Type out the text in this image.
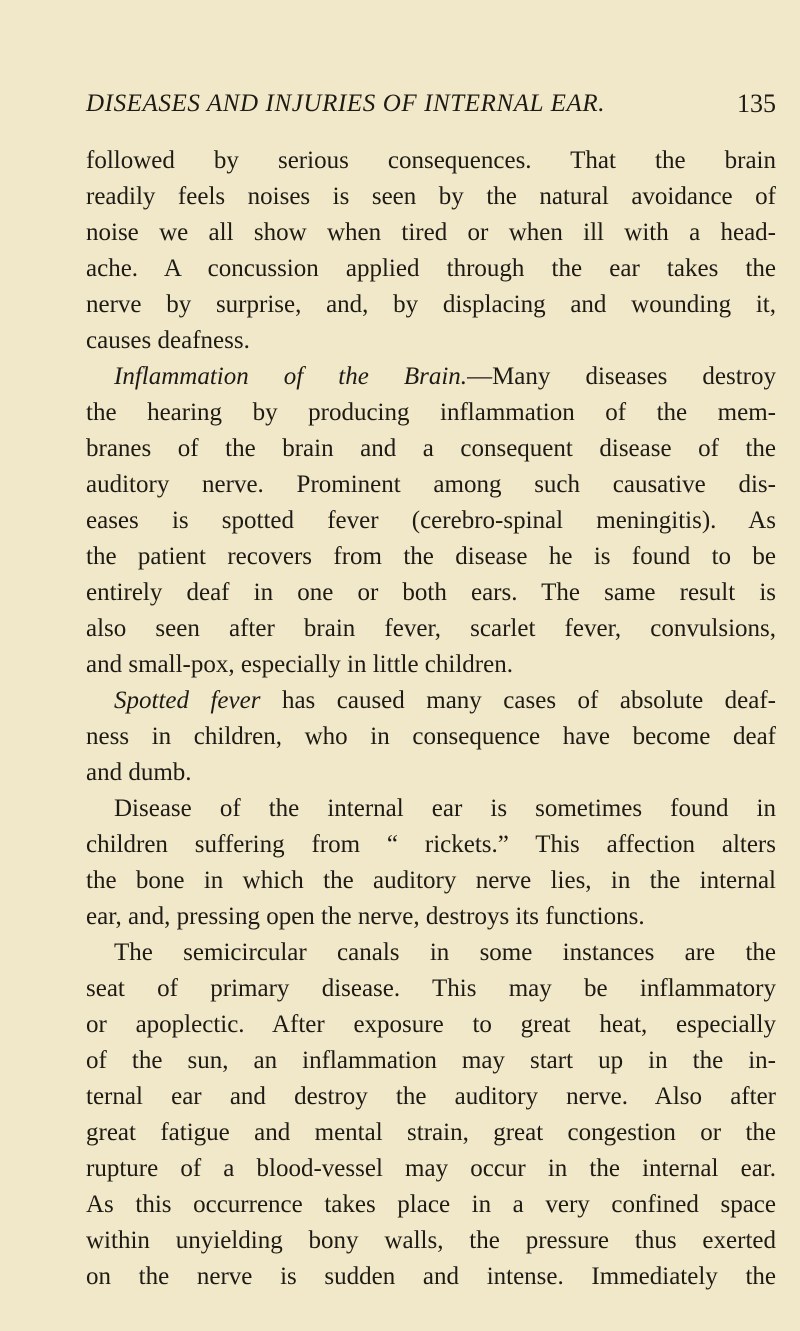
DISEASES AND INJURIES OF INTERNAL EAR.	135
followed by serious consequences. That the brain
readily feels noises is seen by the natural avoidance of
noise we all show when tired or when ill with a head-
ache. A concussion applied through the ear takes the
nerve by surprise, and, by displacing and wounding it,
causes deafness.
Inflammation of the Brain.—Many diseases destroy
the hearing by producing inflammation of the mem-
branes of the brain and a consequent disease of the
auditory nerve. Prominent among such causative dis-
eases is spotted fever (cerebro-spinal meningitis). As
the patient recovers from the disease he is found to be
entirely deaf in one or both ears. The same result is
also seen after brain fever, scarlet fever, convulsions,
and small-pox, especially in little children.
Spotted fever has caused many cases of absolute deaf-
ness in children, who in consequence have become deaf
and dumb.
Disease of the internal ear is sometimes found in
children suffering from “ rickets.” This affection alters
the bone in which the auditory nerve lies, in the internal
ear, and, pressing open the nerve, destroys its functions.
The semicircular canals in some instances are the
seat of primary disease. This may be inflammatory
or apoplectic. After exposure to great heat, especially
of the sun, an inflammation may start up in the in-
ternal ear and destroy the auditory nerve. Also after
great fatigue and mental strain, great congestion or the
rupture of a blood-vessel may occur in the internal ear.
As this occurrence takes place in a very confined space
within unyielding bony walls, the pressure thus exerted
on the nerve is sudden and intense. Immediately the
